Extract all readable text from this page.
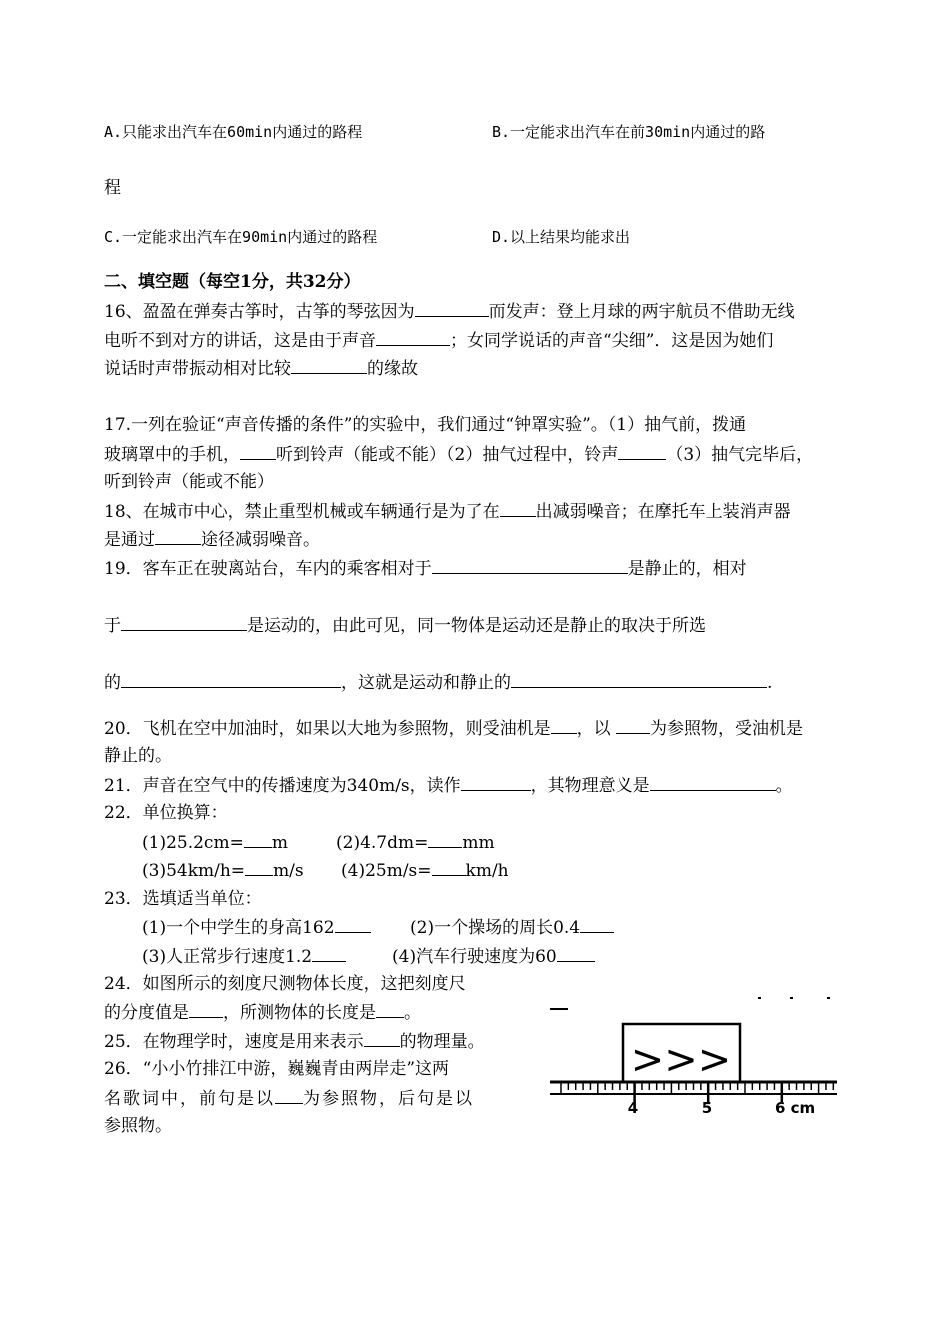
A.只能求出汽车在60min内通过的路程	B.一定能求出汽车在前30min内通过的路
程
C.一定能求出汽车在90min内通过的路程	D.以上结果均能求出
二、填空题（每空1分，共32分）
16、盈盈在弹奏古筝时，古筝的琴弦因为	而发声：登上月球的两宇航员不借助无线
电听不到对方的讲话，这是由于声音	；女同学说话的声音“尖细”．这是因为她们
说话时声带振动相对比较	的缘故
17.一列在验证“声音传播的条件”的实验中，我们通过“钟罩实验”。（1）抽气前，拨通
玻璃罩中的手机， 听到铃声（能或不能）（2）抽气过程中，铃声	（3）抽气完毕后，
听到铃声（能或不能）
18、在城市中心，禁止重型机械或车辆通行是为了在 出减弱噪音；在摩托车上装消声器
是通过	途径减弱噪音。
19．客车正在驶离站台，车内的乘客相对于	是静止的，相对
于	是运动的，由此可见，同一物体是运动还是静止的取决于所选
的	，这就是运动和静止的	.
20．飞机在空中加油时，如果以大地为参照物，则受油机是 ，以 为参照物，受油机是
静止的。
21．声音在空气中的传播速度为340m/s，读作	，其物理意义是	。
22．单位换算：
(1)25.2cm= m	(2)4.7dm= mm
(3)54km/h= m/s (4)25m/s= km/h
23．选填适当单位：
(1)一个中学生的身高162	(2)一个操场的周长0.4
(3)人正常步行速度1.2	(4)汽车行驶速度为60
24．如图所示的刻度尺测物体长度，这把刻度尺
的分度值是 ，所测物体的长度是 。
25．在物理学时，速度是用来表示 的物理量。
26．“小小竹排江中游，巍巍青由两岸走”这两
名歌词中，前句是以 为参照物，后句是以
参照物。
>>>
4	5	6 cm
